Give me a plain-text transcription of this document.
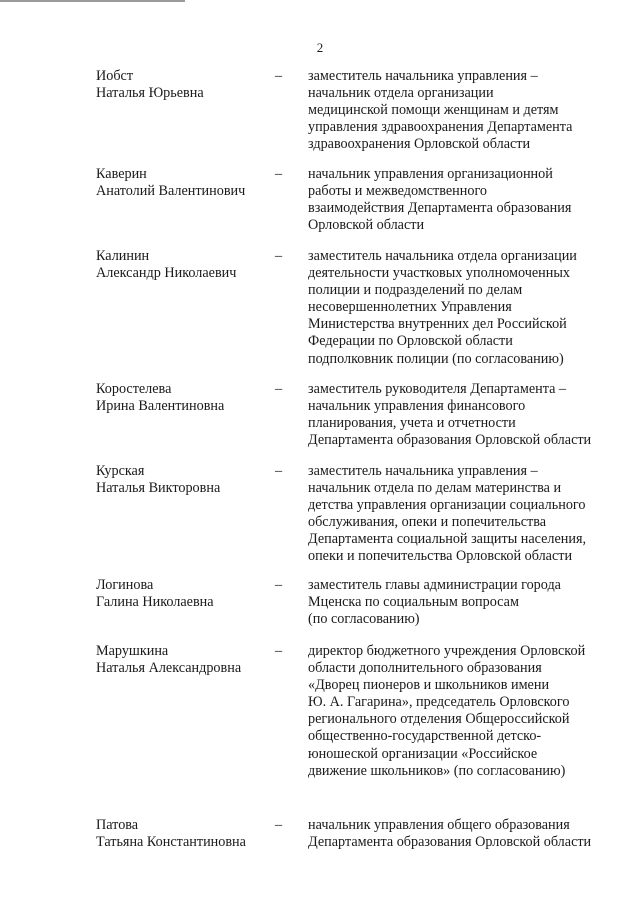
2
Иобст
Наталья Юрьевна
– заместитель начальника управления –
начальник отдела организации
медицинской помощи женщинам и детям
управления здравоохранения Департамента
здравоохранения Орловской области
Каверин
Анатолий Валентинович
– начальник управления организационной
работы и межведомственного
взаимодействия Департамента образования
Орловской области
Калинин
Александр Николаевич
– заместитель начальника отдела организации
деятельности участковых уполномоченных
полиции и подразделений по делам
несовершеннолетних Управления
Министерства внутренних дел Российской
Федерации по Орловской области
подполковник полиции (по согласованию)
Коростелева
Ирина Валентиновна
– заместитель руководителя Департамента –
начальник управления финансового
планирования, учета и отчетности
Департамента образования Орловской области
Курская
Наталья Викторовна
– заместитель начальника управления –
начальник отдела по делам материнства и
детства управления организации социального
обслуживания, опеки и попечительства
Департамента социальной защиты населения,
опеки и попечительства Орловской области
Логинова
Галина Николаевна
– заместитель главы администрации города
Мценска по социальным вопросам
(по согласованию)
Марушкина
Наталья Александровна
– директор бюджетного учреждения Орловской
области дополнительного образования
«Дворец пионеров и школьников имени
Ю. А. Гагарина», председатель Орловского
регионального отделения Общероссийской
общественно-государственной детско-
юношеской организации «Российское
движение школьников» (по согласованию)
Патова
Татьяна Константиновна
– начальник управления общего образования
Департамента образования Орловской области
